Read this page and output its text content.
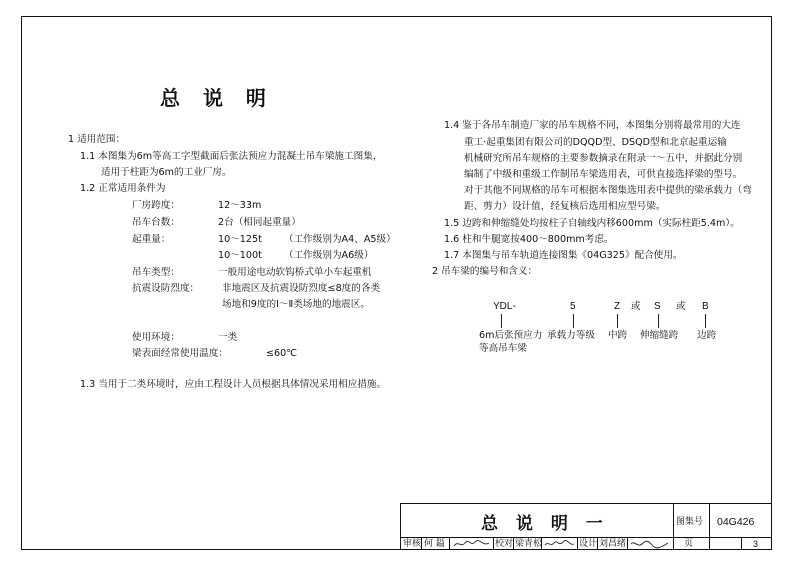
总 说 明
1 适用范围：
1.1 本图集为6m等高工字型截面后张法预应力混凝土吊车梁施工图集，
适用于柱距为6m的工业厂房。
1.2 正常适用条件为
厂房跨度：	12～33m
吊车台数：	2台（相同起重量）
起重量：	10～125t （工作级别为A4、A5级）
10～100t （工作级别为A6级）
吊车类型：	一般用途电动软钩桥式单小车起重机
抗震设防烈度： 非地震区及抗震设防烈度≤8度的各类
场地和9度的Ⅰ～Ⅱ类场地的地震区。
使用环境：	一类
梁表面经常使用温度：	≤60℃
1.3 当用于二类环境时，应由工程设计人员根据具体情况采用相应措施。
1.4 鉴于各吊车制造厂家的吊车规格不同，本图集分别将最常用的大连
重工·起重集团有限公司的DQQD型、DSQD型和北京起重运输
机械研究所吊车规格的主要参数摘录在附录一～五中，并据此分别
编制了中级和重级工作制吊车梁选用表，可供直接选择梁的型号。
对于其他不同规格的吊车可根据本图集选用表中提供的梁承载力（弯
距、剪力）设计值，经复核后选用相应型号梁。
1.5 边跨和伸缩缝处均按柱子自轴线内移600mm（实际柱距5.4m）。
1.6 柱和牛腿宽按400～800mm考虑。
1.7 本图集与吊车轨道连接图集《04G325》配合使用。
2 吊车梁的编号和含义：
YDL-	5	Z 或 S 或 B
6m后张预应力
等高吊车梁
承载力等级 中跨 伸缩缝跨 边跨
总 说 明 一	图集号 04G426
审核 何 鎰	校对 梁青松	设计 刘昌绪	页	3
